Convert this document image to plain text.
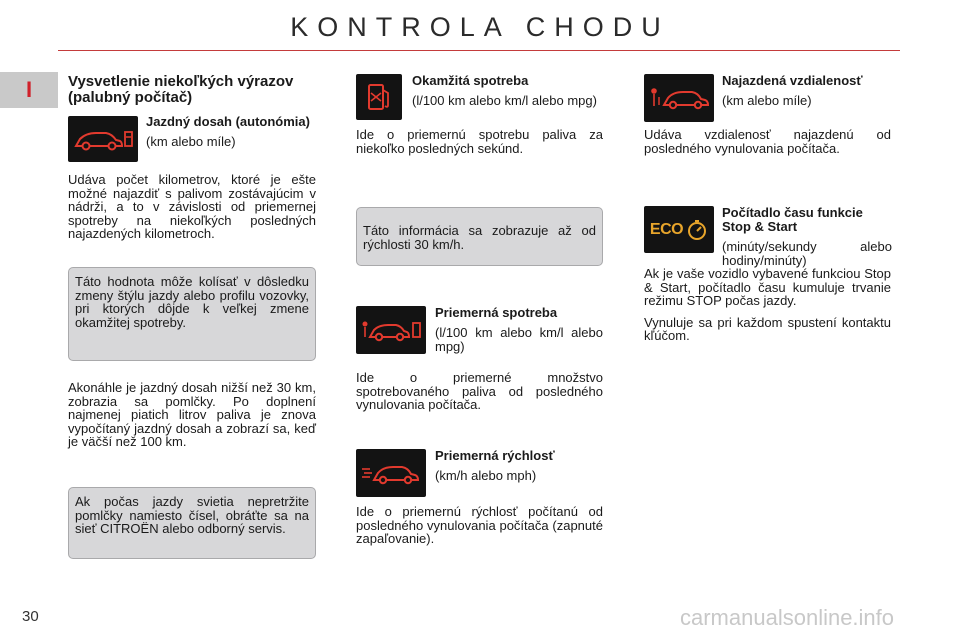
KONTROLA CHODU
I	Vysvetlenie niekoľkých výrazov (palubný počítač)

Jazdný dosah (autonómia)

(km alebo míle)

Udáva počet kilometrov, ktoré je ešte možné najazdiť s palivom zostávajúcim v nádrži, a to v závislosti od priemernej spotreby na niekoľkých posledných najazdených kilometroch.

Táto hodnota môže kolísať v dôsledku zmeny štýlu jazdy alebo profilu vozovky, pri ktorých dôjde k veľkej zmene okamžitej spotreby.

Akonáhle je jazdný dosah nižší než 30 km, zobrazia sa pomlčky. Po doplnení najmenej piatich litrov paliva je znova vypočítaný jazdný dosah a zobrazí sa, keď je väčší než 100 km.

Ak počas jazdy svietia nepretržite pomlčky namiesto čísel, obráťte sa na sieť CITROËN alebo odborný servis.

Okamžitá spotreba

(l/100 km alebo km/l alebo mpg)

Ide o priemernú spotrebu paliva za niekoľko posledných sekúnd.

Táto informácia sa zobrazuje až od rýchlosti 30 km/h.

Priemerná spotreba

(l/100 km alebo km/l alebo mpg)

Ide o priemerné množstvo spotrebovaného paliva od posledného vynulovania počítača.

Priemerná rýchlosť

(km/h alebo mph)

Ide o priemernú rýchlosť počítanú od posledného vynulovania počítača (zapnuté zapaľovanie).

Najazdená vzdialenosť

(km alebo míle)

Udáva vzdialenosť najazdenú od posledného vynulovania počítača.

ECO

Počítadlo času funkcie Stop & Start

(minúty/sekundy alebo hodiny/minúty)

Ak je vaše vozidlo vybavené funkciou Stop & Start, počítadlo času kumuluje trvanie režimu STOP počas jazdy.

Vynuluje sa pri každom spustení kontaktu kľúčom.

30	carmanualsonline.info
